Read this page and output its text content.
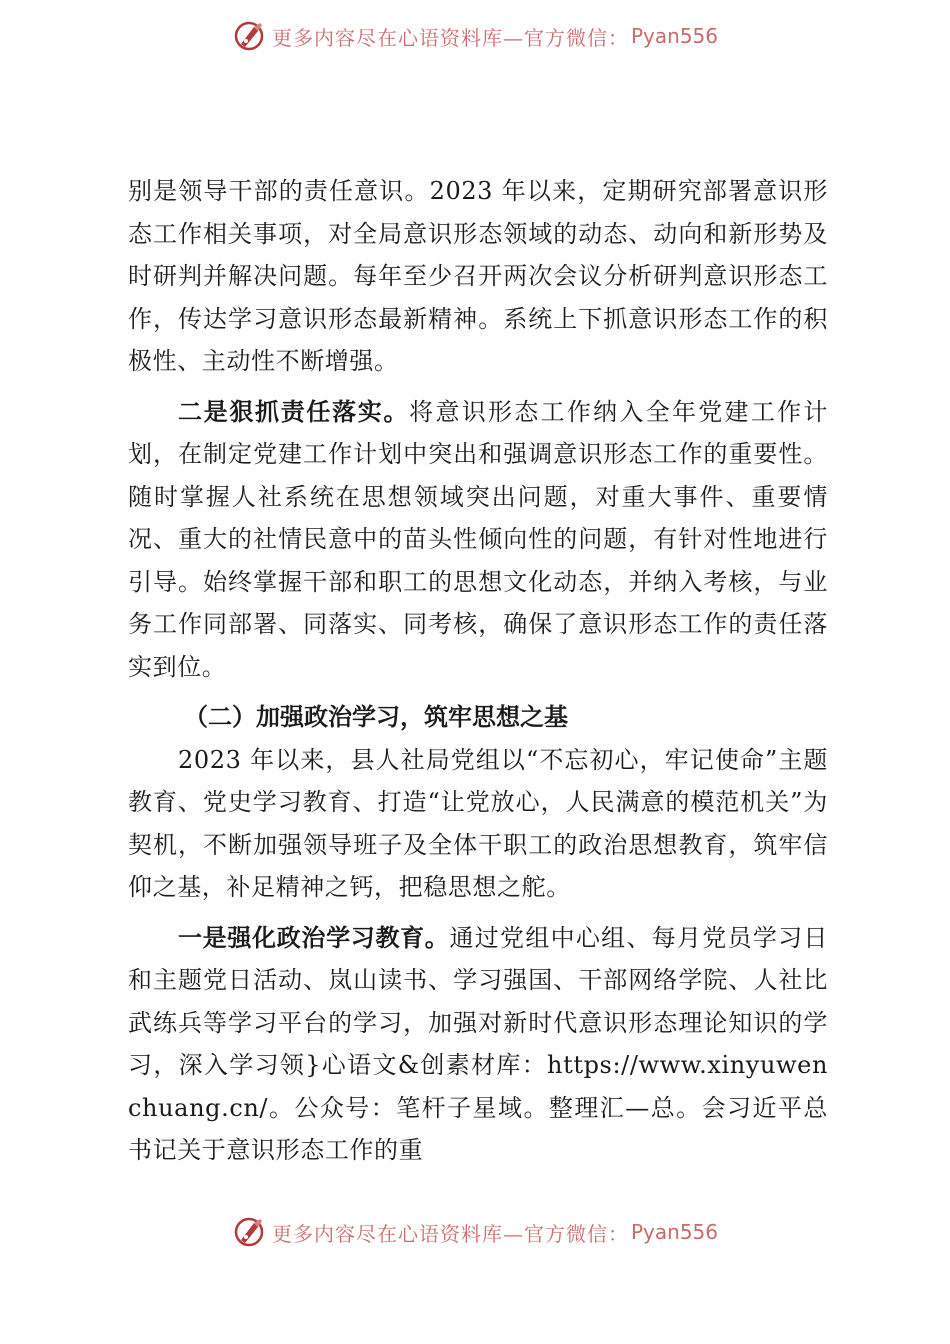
更多内容尽在心语资料库—官方微信： Pyan556

别是领导干部的责任意识。2023 年以来，定期研究部署意识形态工作相关事项，对全局意识形态领域的动态、动向和新形势及时研判并解决问题。每年至少召开两次会议分析研判意识形态工作，传达学习意识形态最新精神。系统上下抓意识形态工作的积极性、主动性不断增强。

二是狠抓责任落实。将意识形态工作纳入全年党建工作计划，在制定党建工作计划中突出和强调意识形态工作的重要性。随时掌握人社系统在思想领域突出问题，对重大事件、重要情况、重大的社情民意中的苗头性倾向性的问题，有针对性地进行引导。始终掌握干部和职工的思想文化动态，并纳入考核，与业务工作同部署、同落实、同考核，确保了意识形态工作的责任落实到位。

（二）加强政治学习，筑牢思想之基

2023 年以来，县人社局党组以“不忘初心，牢记使命”主题教育、党史学习教育、打造“让党放心，人民满意的模范机关”为契机，不断加强领导班子及全体干职工的政治思想教育，筑牢信仰之基，补足精神之钙，把稳思想之舵。

一是强化政治学习教育。通过党组中心组、每月党员学习日和主题党日活动、岚山读书、学习强国、干部网络学院、人社比武练兵等学习平台的学习，加强对新时代意识形态理论知识的学习，深入学习领}心语文&创素材库：https://www.xinyuwenchuang.cn/。公众号：笔杆子星域。整理汇—总。会习近平总书记关于意识形态工作的重

更多内容尽在心语资料库—官方微信： Pyan556
